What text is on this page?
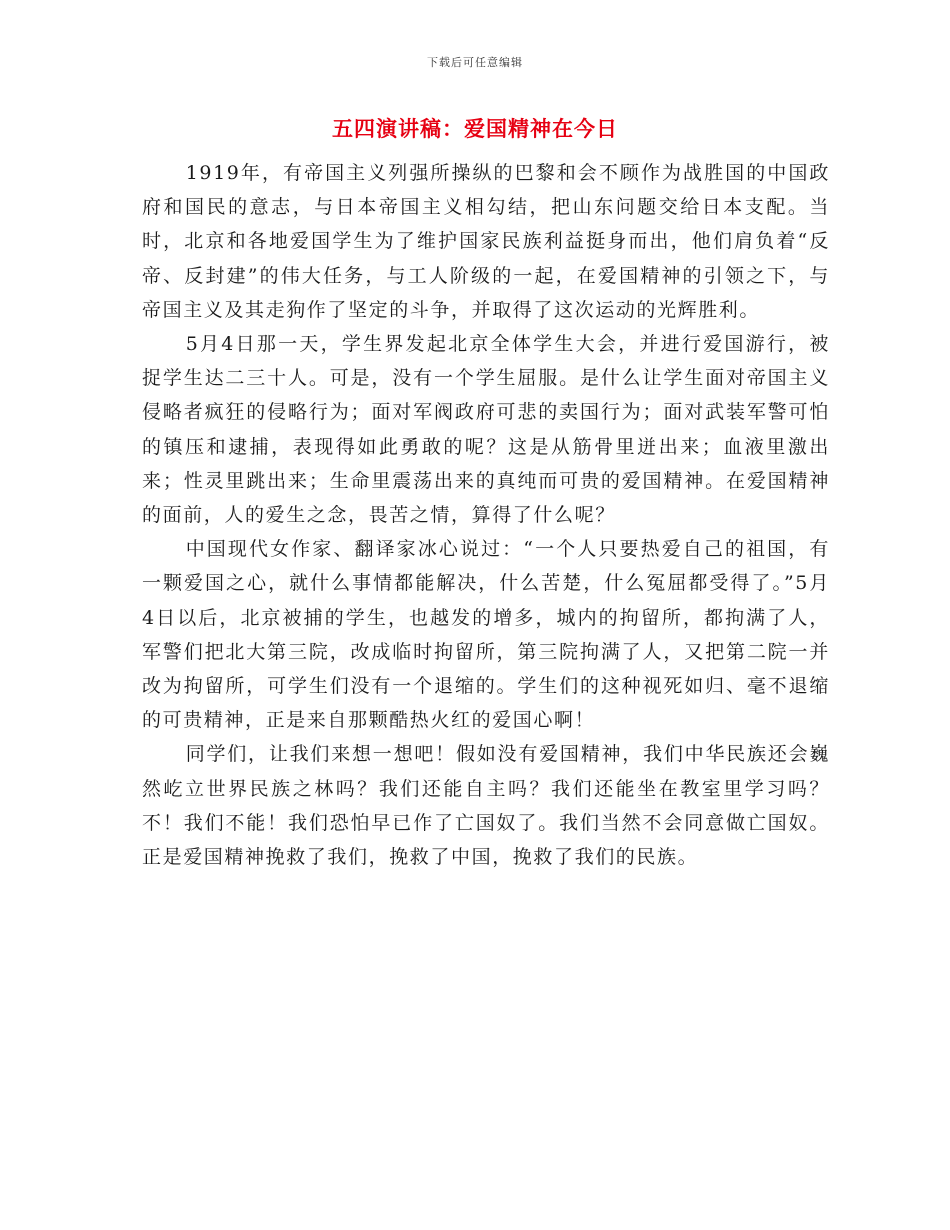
下载后可任意编辑
五四演讲稿：爱国精神在今日

1919年，有帝国主义列强所操纵的巴黎和会不顾作为战胜国的中国政府和国民的意志，与日本帝国主义相勾结，把山东问题交给日本支配。当时，北京和各地爱国学生为了维护国家民族利益挺身而出，他们肩负着“反帝、反封建”的伟大任务，与工人阶级的一起，在爱国精神的引领之下，与帝国主义及其走狗作了坚定的斗争，并取得了这次运动的光辉胜利。

5月4日那一天，学生界发起北京全体学生大会，并进行爱国游行，被捉学生达二三十人。可是，没有一个学生屈服。是什么让学生面对帝国主义侵略者疯狂的侵略行为；面对军阀政府可悲的卖国行为；面对武装军警可怕的镇压和逮捕，表现得如此勇敢的呢？这是从筋骨里迸出来；血液里激出来；性灵里跳出来；生命里震荡出来的真纯而可贵的爱国精神。在爱国精神的面前，人的爱生之念，畏苦之情，算得了什么呢？

中国现代女作家、翻译家冰心说过：“一个人只要热爱自己的祖国，有一颗爱国之心，就什么事情都能解决，什么苦楚，什么冤屈都受得了。”5月4日以后，北京被捕的学生，也越发的增多，城内的拘留所，都拘满了人，军警们把北大第三院，改成临时拘留所，第三院拘满了人，又把第二院一并改为拘留所，可学生们没有一个退缩的。学生们的这种视死如归、毫不退缩的可贵精神，正是来自那颗酷热火红的爱国心啊！

同学们，让我们来想一想吧！假如没有爱国精神，我们中华民族还会巍然屹立世界民族之林吗？我们还能自主吗？我们还能坐在教室里学习吗？不！我们不能！我们恐怕早已作了亡国奴了。我们当然不会同意做亡国奴。正是爱国精神挽救了我们，挽救了中国，挽救了我们的民族。
